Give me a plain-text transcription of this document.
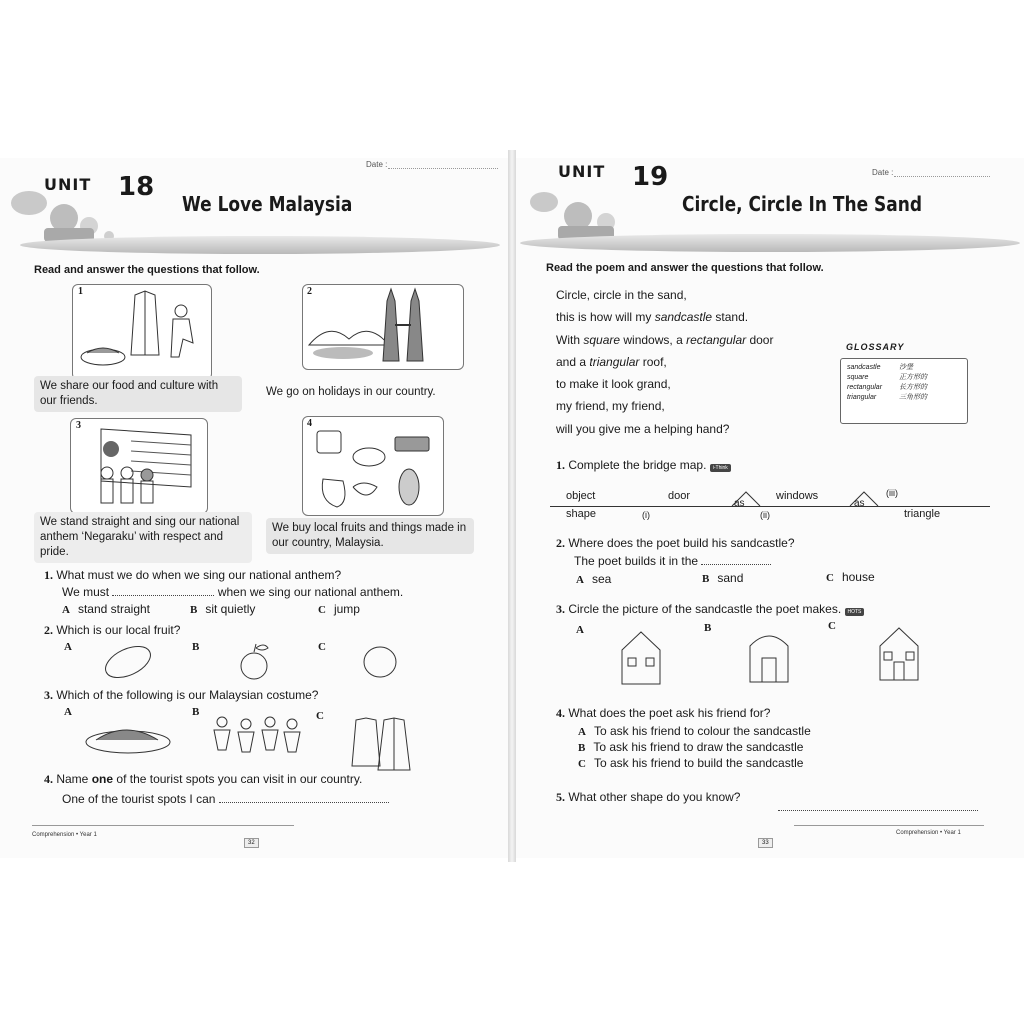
UNIT 18
We Love Malaysia
Date :
Read and answer the questions that follow.
1
We share our food and culture with our friends.
2
We go on holidays in our country.
3
We stand straight and sing our national anthem ‘Negaraku’ with respect and pride.
4
We buy local fruits and things made in our country, Malaysia.
1. What must we do when we sing our national anthem?
We must	when we sing our national anthem.
A stand straight	B sit quietly	C jump
2. Which is our local fruit?
A	B	C
3. Which of the following is our Malaysian costume?
A	B	C
4. Name one of the tourist spots you can visit in our country.
One of the tourist spots I can
Comprehension • Year 1
32
UNIT 19
Circle, Circle In The Sand
Date :
Read the poem and answer the questions that follow.
Circle, circle in the sand,
this is how will my sandcastle stand.
With square windows, a rectangular door
and a triangular roof,
to make it look grand,
my friend, my friend,
will you give me a helping hand?
GLOSSARY
sandcastle	沙堡
square	正方形的
rectangular	长方形的
triangular	三角形的
1. Complete the bridge map. i-Think
object
shape
door
(i)
as
windows
(ii)
as
(iii)
triangle
2. Where does the poet build his sandcastle?
The poet builds it in the
A sea	B sand	C house
3. Circle the picture of the sandcastle the poet makes. HOTS
A	B	C
4. What does the poet ask his friend for?
A To ask his friend to colour the sandcastle
B To ask his friend to draw the sandcastle
C To ask his friend to build the sandcastle
5. What other shape do you know?
33
Comprehension • Year 1
